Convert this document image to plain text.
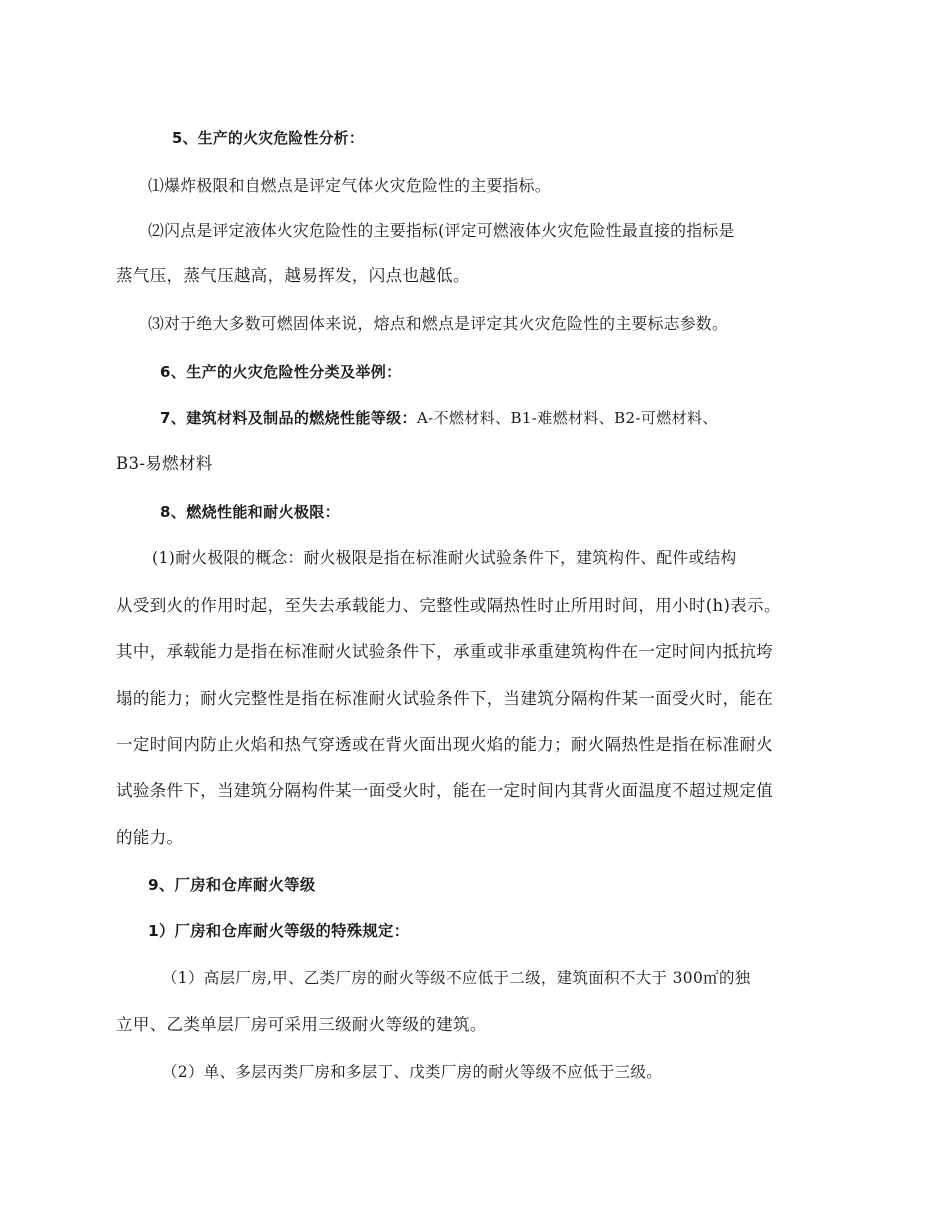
5、生产的火灾危险性分析：
⑴爆炸极限和自燃点是评定气体火灾危险性的主要指标。
⑵闪点是评定液体火灾危险性的主要指标(评定可燃液体火灾危险性最直接的指标是
蒸气压，蒸气压越高，越易挥发，闪点也越低。
⑶对于绝大多数可燃固体来说，熔点和燃点是评定其火灾危险性的主要标志参数。
6、生产的火灾危险性分类及举例：
7、建筑材料及制品的燃烧性能等级：A-不燃材料、B1-难燃材料、B2-可燃材料、
B3-易燃材料
8、燃烧性能和耐火极限：
(1)耐火极限的概念：耐火极限是指在标准耐火试验条件下，建筑构件、配件或结构
从受到火的作用时起，至失去承载能力、完整性或隔热性时止所用时间，用小时(h)表示。
其中，承载能力是指在标准耐火试验条件下，承重或非承重建筑构件在一定时间内抵抗垮
塌的能力；耐火完整性是指在标准耐火试验条件下，当建筑分隔构件某一面受火时，能在
一定时间内防止火焰和热气穿透或在背火面出现火焰的能力；耐火隔热性是指在标准耐火
试验条件下，当建筑分隔构件某一面受火时，能在一定时间内其背火面温度不超过规定值
的能力。
9、厂房和仓库耐火等级
1）厂房和仓库耐火等级的特殊规定：
（1）高层厂房,甲、乙类厂房的耐火等级不应低于二级，建筑面积不大于 300㎡的独
立甲、乙类单层厂房可采用三级耐火等级的建筑。
（2）单、多层丙类厂房和多层丁、戊类厂房的耐火等级不应低于三级。
